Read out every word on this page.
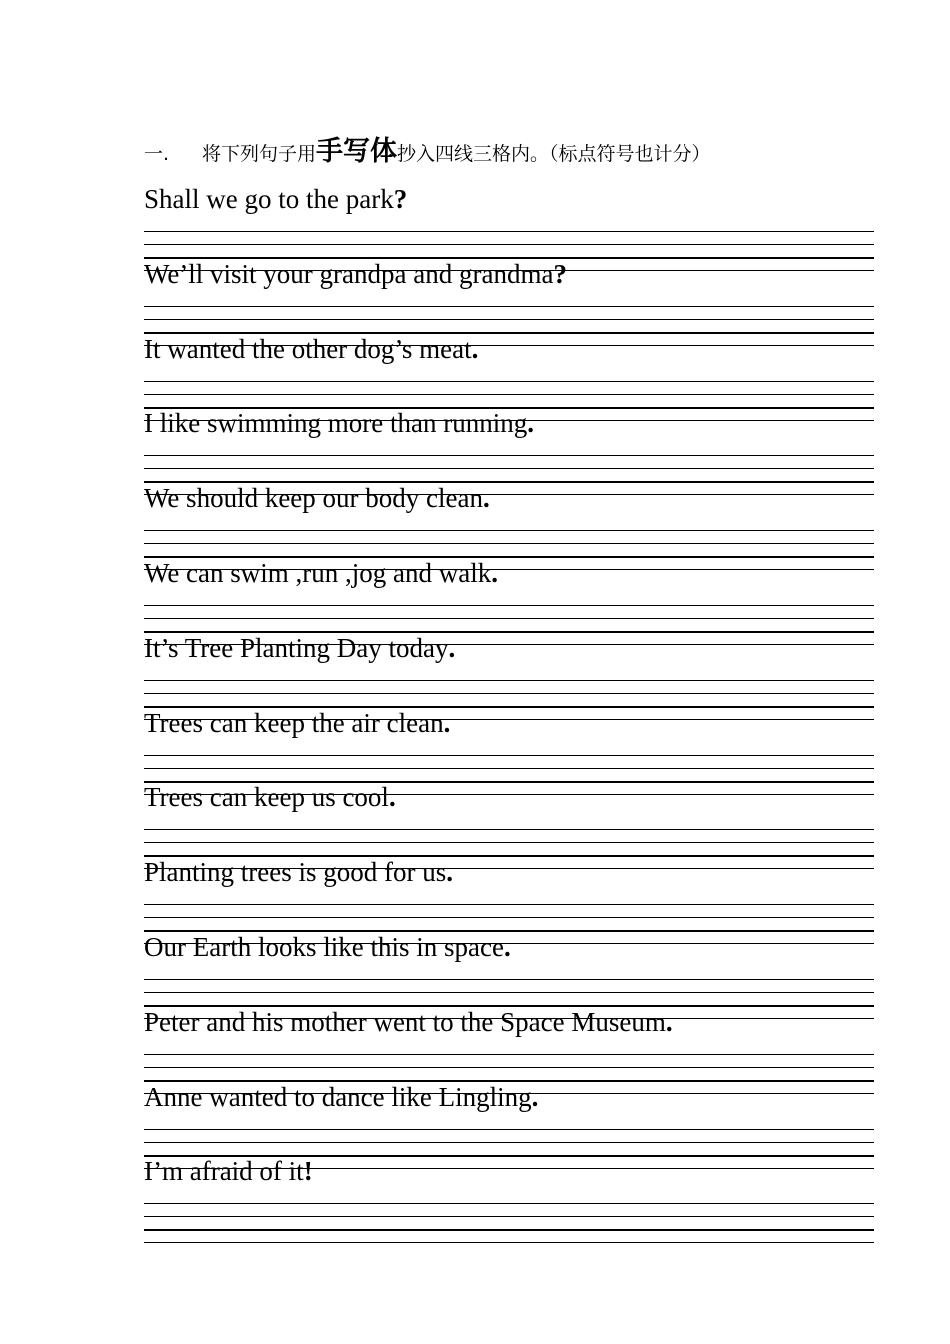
一. 将下列句子用手写体抄入四线三格内。（标点符号也计分）
Shall we go to the park?
We’ll visit your grandpa and grandma?
It wanted the other dog’s meat.
I like swimming more than running.
We should keep our body clean.
We can swim ,run ,jog and walk.
It’s Tree Planting Day today.
Trees can keep the air clean.
Trees can keep us cool.
Planting trees is good for us.
Our Earth looks like this in space.
Peter and his mother went to the Space Museum.
Anne wanted to dance like Lingling.
I’m afraid of it!
